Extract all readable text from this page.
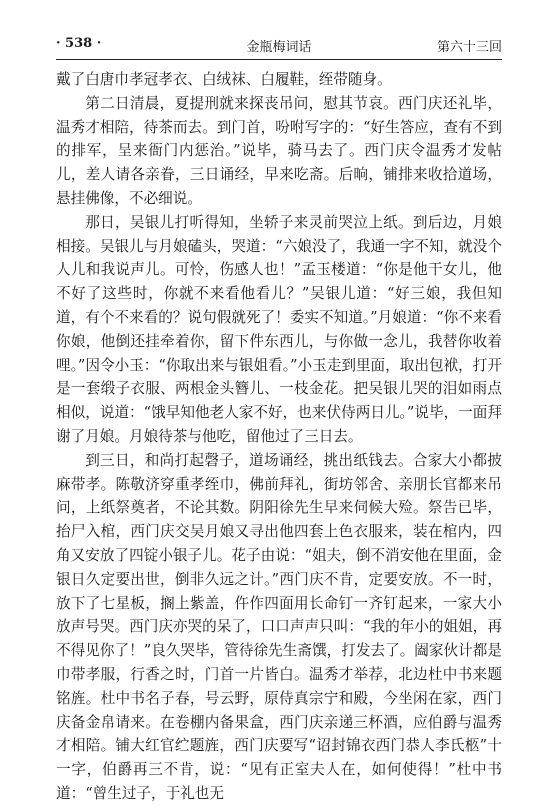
· 538 ·	金瓶梅词话	第六十三回

戴了白唐巾孝冠孝衣、白绒袜、白履鞋，绖带随身。

第二日清晨，夏提刑就来探丧吊问，慰其节哀。西门庆还礼毕，温秀才相陪，待茶而去。到门首，吩咐写字的：“好生答应，查有不到的排军，呈来衙门内惩治。”说毕，骑马去了。西门庆令温秀才发帖儿，差人请各亲眷，三日诵经，早来吃斋。后晌，铺排来收拾道场，悬挂佛像，不必细说。

那日，吴银儿打听得知，坐轿子来灵前哭泣上纸。到后边，月娘相接。吴银儿与月娘磕头，哭道：“六娘没了，我通一字不知，就没个人儿和我说声儿。可怜，伤感人也！”孟玉楼道：“你是他干女儿，他不好了这些时，你就不来看他看儿？”吴银儿道：“好三娘，我但知道，有个不来看的？说句假就死了！委实不知道。”月娘道：“你不来看你娘，他倒还挂牵着你，留下件东西儿，与你做一念儿，我替你收着哩。”因令小玉：“你取出来与银姐看。”小玉走到里面，取出包袱，打开是一套缎子衣服、两根金头簪儿、一枝金花。把吴银儿哭的泪如雨点相似，说道：“饿早知他老人家不好，也来伏侍两日儿。”说毕，一面拜谢了月娘。月娘待茶与他吃，留他过了三日去。

到三日，和尚打起磬子，道场诵经，挑出纸钱去。合家大小都披麻带孝。陈敬济穿重孝绖巾，佛前拜礼，街坊邻舍、亲朋长官都来吊问，上纸祭奠者，不论其数。阴阳徐先生早来伺候大殓。祭告已毕，抬尸入棺，西门庆交吴月娘又寻出他四套上色衣服来，装在棺内，四角又安放了四锭小银子儿。花子由说：“姐夫，倒不消安他在里面，金银日久定要出世，倒非久远之计。”西门庆不肯，定要安放。不一时，放下了七星板，搁上紫盖，仵作四面用长命钉一齐钉起来，一家大小放声号哭。西门庆亦哭的呆了，口口声声只叫：“我的年小的姐姐，再不得见你了！”良久哭毕，管待徐先生斋馔，打发去了。阖家伙计都是巾带孝服，行香之时，门首一片皆白。温秀才举荐，北边杜中书来题铭旌。杜中书名子春，号云野，原侍真宗宁和殿，今坐闲在家，西门庆备金帛请来。在卷棚内备果盒，西门庆亲递三杯酒，应伯爵与温秀才相陪。铺大红官纻题旌，西门庆要写“诏封锦衣西门恭人李氏柩”十一字，伯爵再三不肯，说：“见有正室夫人在，如何使得！”杜中书道：“曾生过子，于礼也无
